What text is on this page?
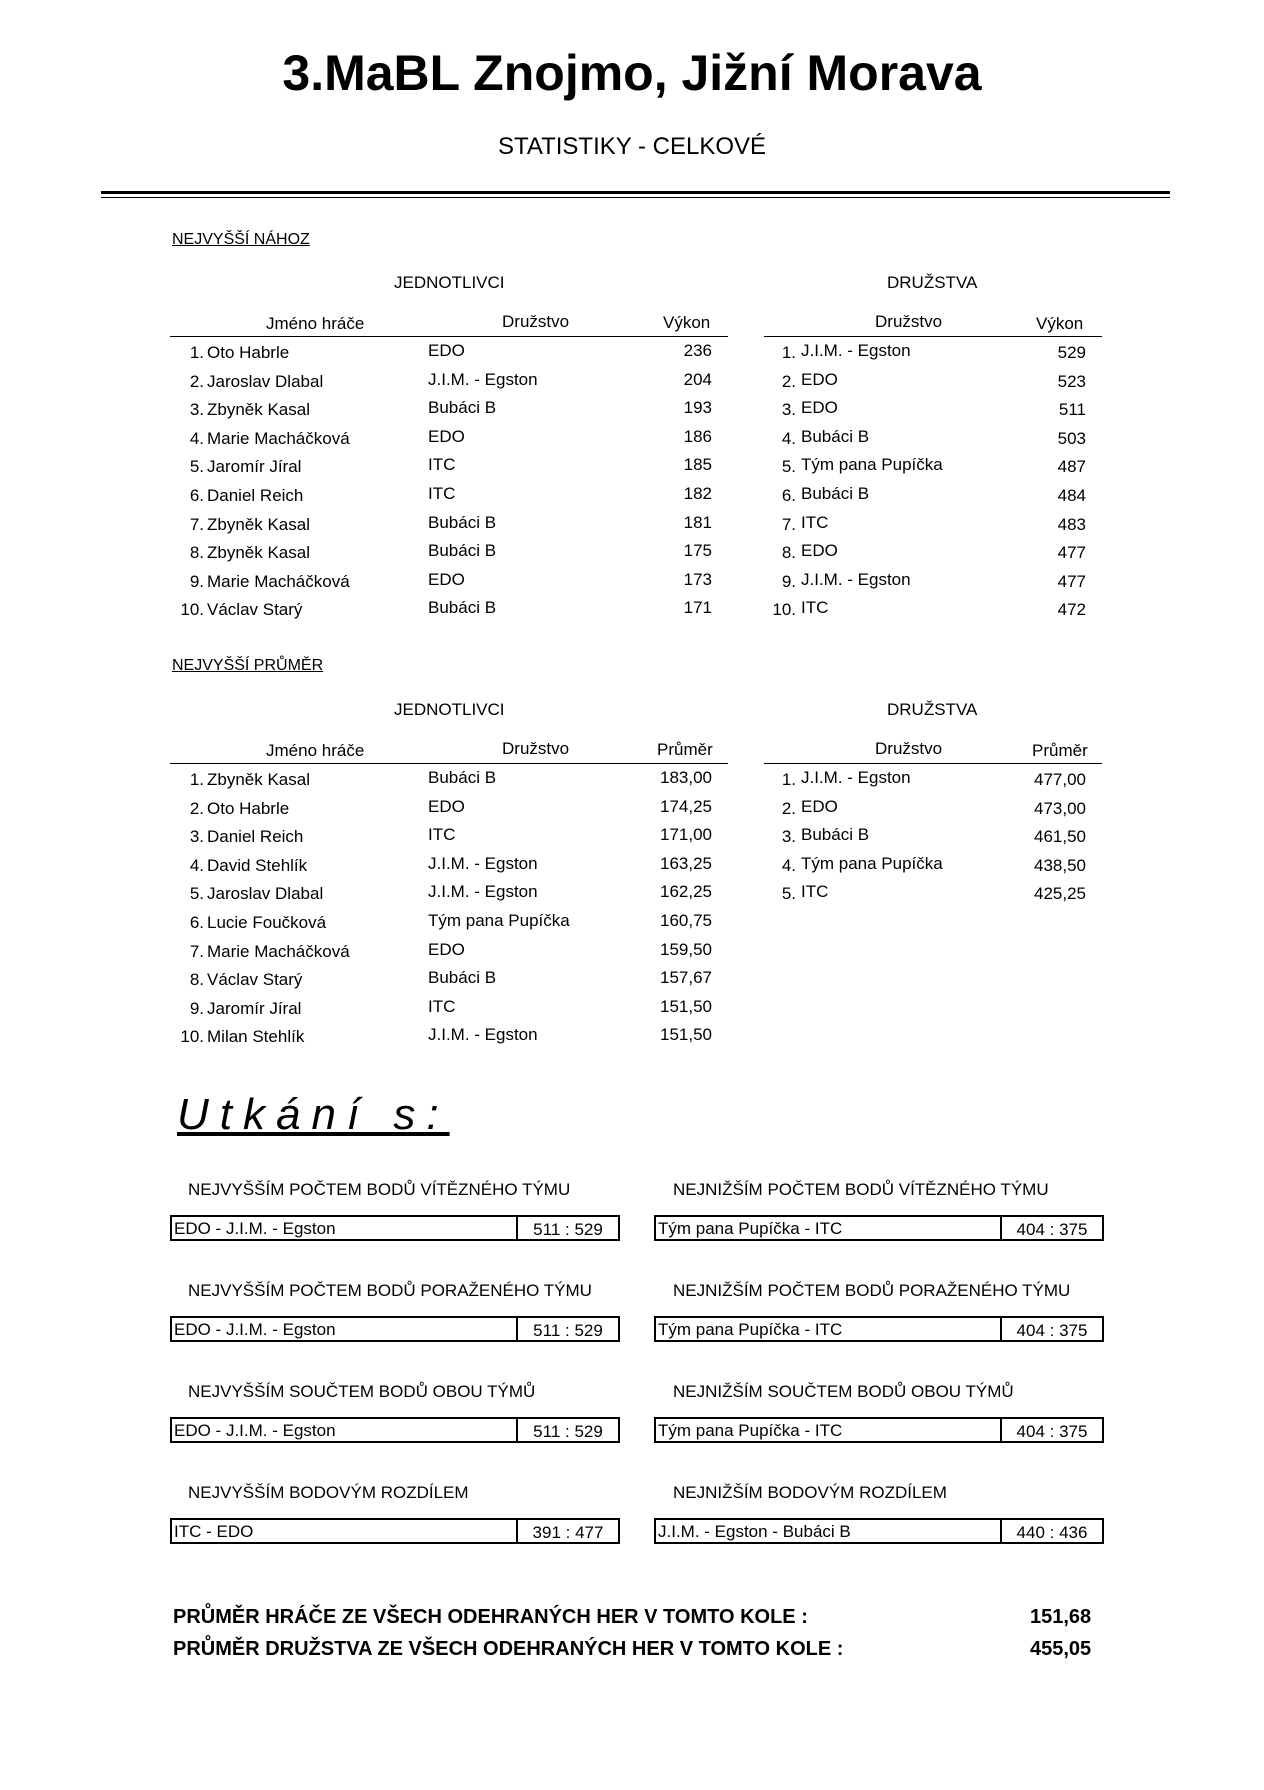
3.MaBL Znojmo, Jižní Morava
STATISTIKY - CELKOVÉ
NEJVYŠŠÍ NÁHOZ
JEDNOTLIVCI	DRUŽSTVA
Jméno hráče	Družstvo	Výkon	Družstvo	Výkon
1. Oto Habrle	EDO	236
2. Jaroslav Dlabal	J.I.M. - Egston	204
3. Zbyněk Kasal	Bubáci B	193
4. Marie Macháčková	EDO	186
5. Jaromír Jíral	ITC	185
6. Daniel Reich	ITC	182
7. Zbyněk Kasal	Bubáci B	181
8. Zbyněk Kasal	Bubáci B	175
9. Marie Macháčková	EDO	173
10. Václav Starý	Bubáci B	171
1. J.I.M. - Egston	529
2. EDO	523
3. EDO	511
4. Bubáci B	503
5. Tým pana Pupíčka	487
6. Bubáci B	484
7. ITC	483
8. EDO	477
9. J.I.M. - Egston	477
10. ITC	472
NEJVYŠŠÍ PRŮMĚR
JEDNOTLIVCI	DRUŽSTVA
Jméno hráče	Družstvo	Průměr	Družstvo	Průměr
1. Zbyněk Kasal	Bubáci B	183,00
2. Oto Habrle	EDO	174,25
3. Daniel Reich	ITC	171,00
4. David Stehlík	J.I.M. - Egston	163,25
5. Jaroslav Dlabal	J.I.M. - Egston	162,25
6. Lucie Foučková	Tým pana Pupíčka	160,75
7. Marie Macháčková	EDO	159,50
8. Václav Starý	Bubáci B	157,67
9. Jaromír Jíral	ITC	151,50
10. Milan Stehlík	J.I.M. - Egston	151,50
1. J.I.M. - Egston	477,00
2. EDO	473,00
3. Bubáci B	461,50
4. Tým pana Pupíčka	438,50
5. ITC	425,25
Utkání s:
NEJVYŠŠÍM POČTEM BODŮ VÍTĚZNÉHO TÝMU
EDO - J.I.M. - Egston	511 : 529
NEJNIŽŠÍM POČTEM BODŮ VÍTĚZNÉHO TÝMU
Tým pana Pupíčka - ITC	404 : 375
NEJVYŠŠÍM POČTEM BODŮ PORAŽENÉHO TÝMU
EDO - J.I.M. - Egston	511 : 529
NEJNIŽŠÍM POČTEM BODŮ PORAŽENÉHO TÝMU
Tým pana Pupíčka - ITC	404 : 375
NEJVYŠŠÍM SOUČTEM BODŮ OBOU TÝMŮ
EDO - J.I.M. - Egston	511 : 529
NEJNIŽŠÍM SOUČTEM BODŮ OBOU TÝMŮ
Tým pana Pupíčka - ITC	404 : 375
NEJVYŠŠÍM BODOVÝM ROZDÍLEM
ITC - EDO	391 : 477
NEJNIŽŠÍM BODOVÝM ROZDÍLEM
J.I.M. - Egston - Bubáci B	440 : 436
PRŮMĚR HRÁČE ZE VŠECH ODEHRANÝCH HER V TOMTO KOLE :	151,68
PRŮMĚR DRUŽSTVA ZE VŠECH ODEHRANÝCH HER V TOMTO KOLE :	455,05
